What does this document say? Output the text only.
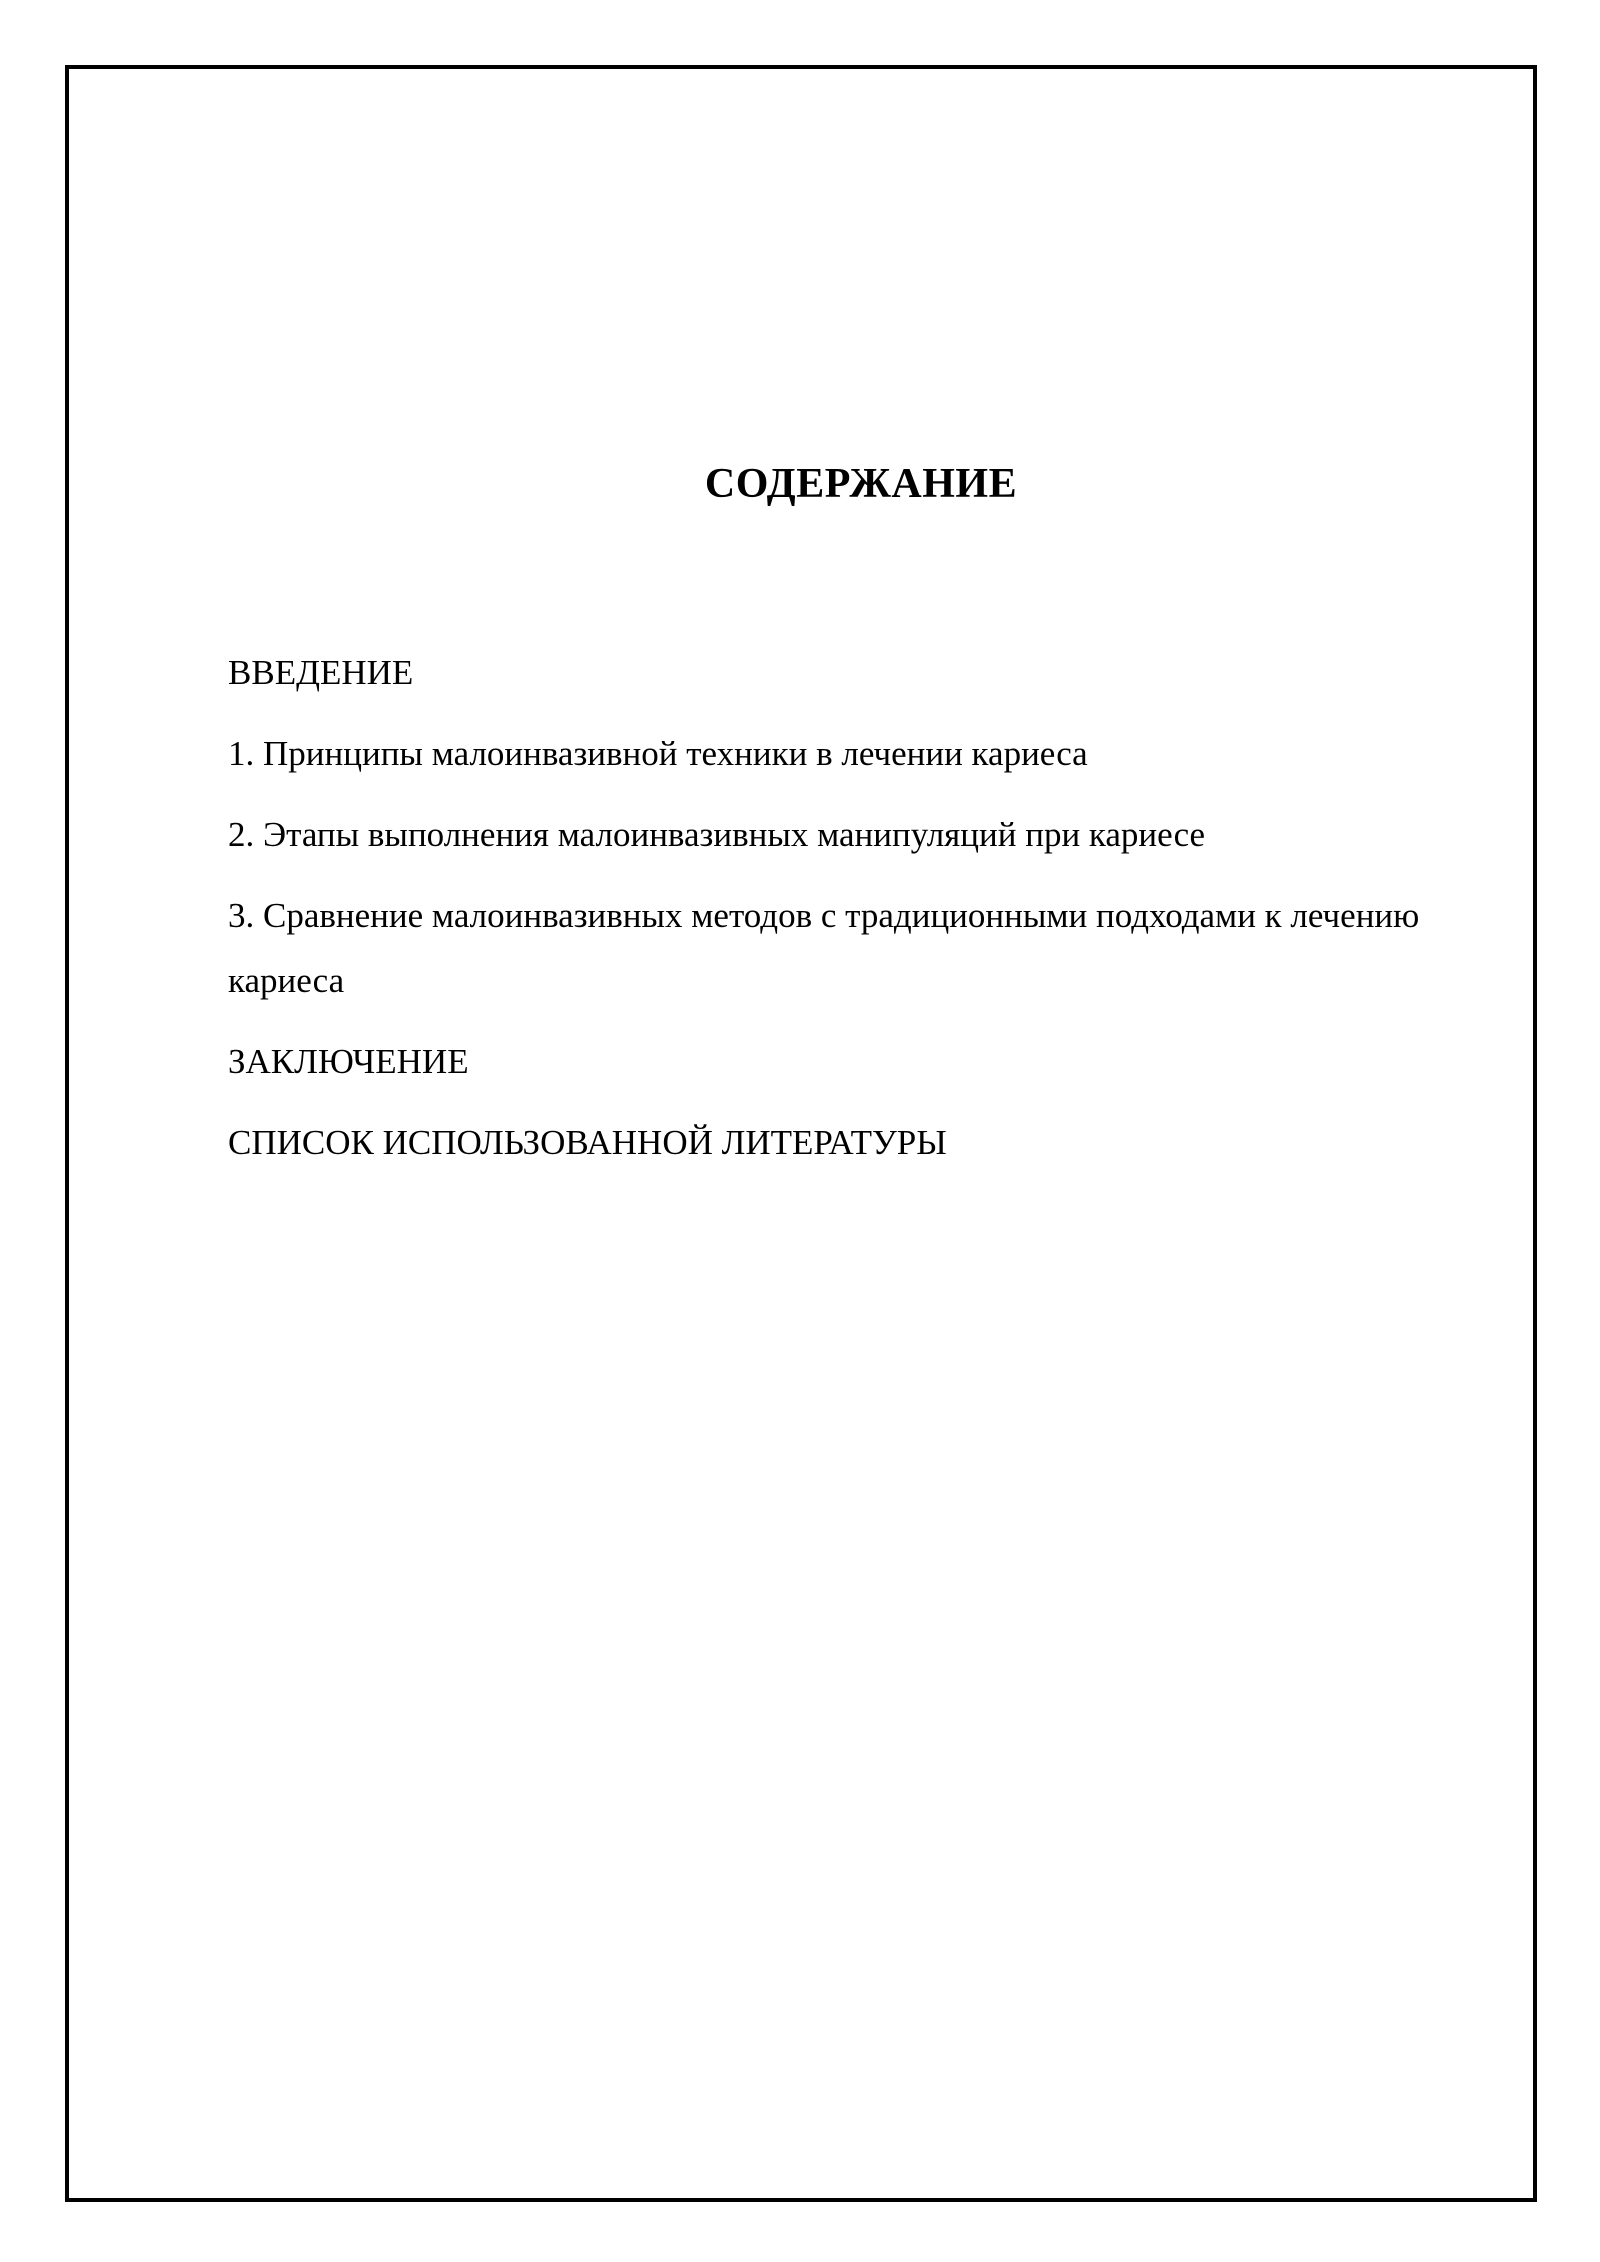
СОДЕРЖАНИЕ
ВВЕДЕНИЕ
1. Принципы малоинвазивной техники в лечении кариеса
2. Этапы выполнения малоинвазивных манипуляций при кариесе
3. Сравнение малоинвазивных методов с традиционными подходами к лечению кариеса
ЗАКЛЮЧЕНИЕ
СПИСОК ИСПОЛЬЗОВАННОЙ ЛИТЕРАТУРЫ
